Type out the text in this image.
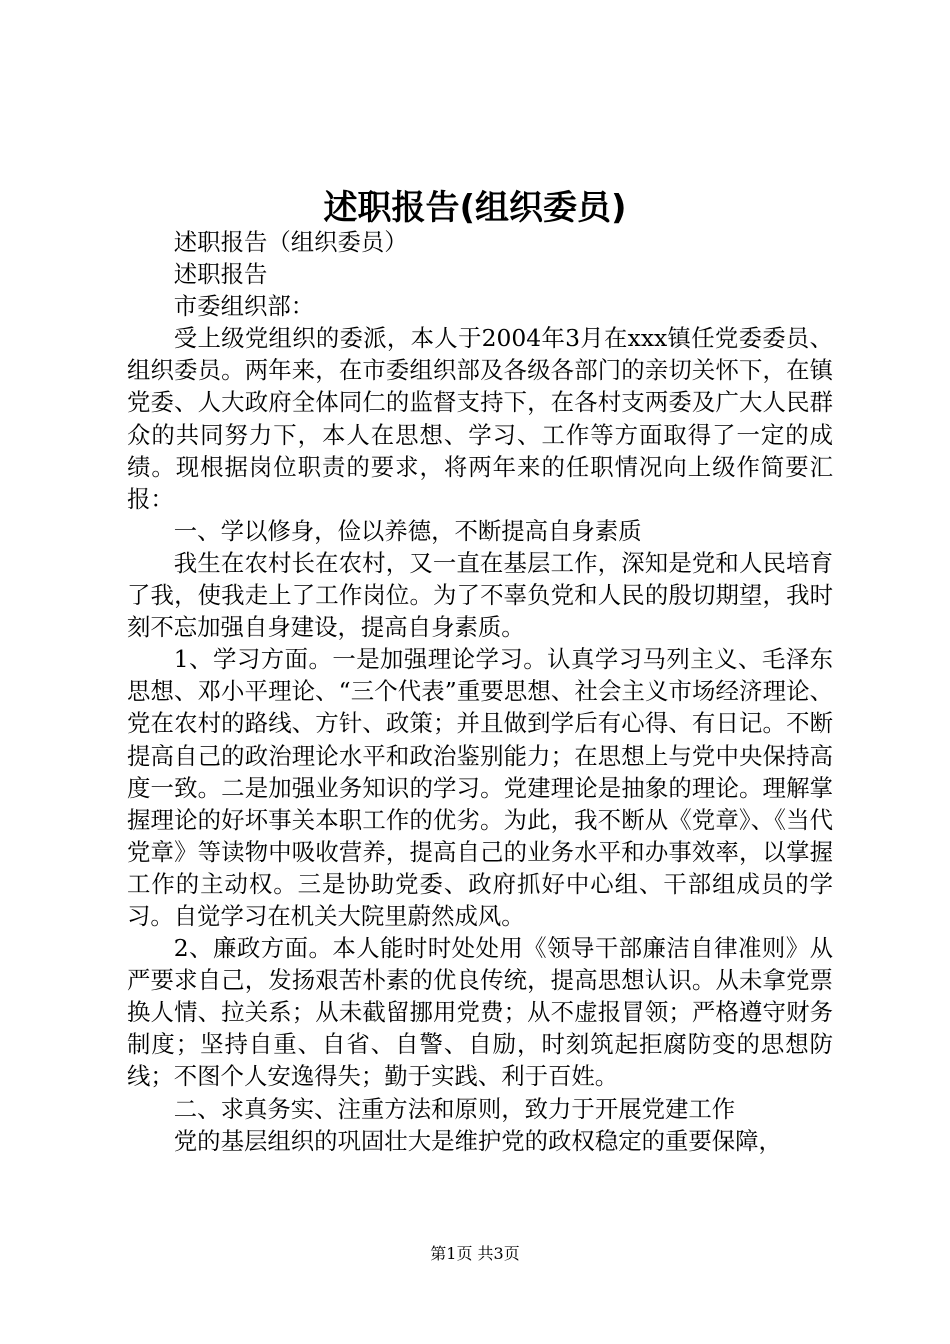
述职报告(组织委员)

述职报告（组织委员）

述职报告

市委组织部：

受上级党组织的委派，本人于2004年3月在xxx镇任党委委员、组织委员。两年来，在市委组织部及各级各部门的亲切关怀下，在镇党委、人大政府全体同仁的监督支持下，在各村支两委及广大人民群众的共同努力下，本人在思想、学习、工作等方面取得了一定的成绩。现根据岗位职责的要求，将两年来的任职情况向上级作简要汇报：

一、学以修身，俭以养德，不断提高自身素质

我生在农村长在农村，又一直在基层工作，深知是党和人民培育了我，使我走上了工作岗位。为了不辜负党和人民的殷切期望，我时刻不忘加强自身建设，提高自身素质。

1、学习方面。一是加强理论学习。认真学习马列主义、毛泽东思想、邓小平理论、“三个代表”重要思想、社会主义市场经济理论、党在农村的路线、方针、政策；并且做到学后有心得、有日记。不断提高自己的政治理论水平和政治鉴别能力；在思想上与党中央保持高度一致。二是加强业务知识的学习。党建理论是抽象的理论。理解掌握理论的好坏事关本职工作的优劣。为此，我不断从《党章》、《当代党章》等读物中吸收营养，提高自己的业务水平和办事效率，以掌握工作的主动权。三是协助党委、政府抓好中心组、干部组成员的学习。自觉学习在机关大院里蔚然成风。

2、廉政方面。本人能时时处处用《领导干部廉洁自律准则》从严要求自己，发扬艰苦朴素的优良传统，提高思想认识。从未拿党票换人情、拉关系；从未截留挪用党费；从不虚报冒领；严格遵守财务制度；坚持自重、自省、自警、自励，时刻筑起拒腐防变的思想防线；不图个人安逸得失；勤于实践、利于百姓。

二、求真务实、注重方法和原则，致力于开展党建工作

党的基层组织的巩固壮大是维护党的政权稳定的重要保障，

第1页 共3页
